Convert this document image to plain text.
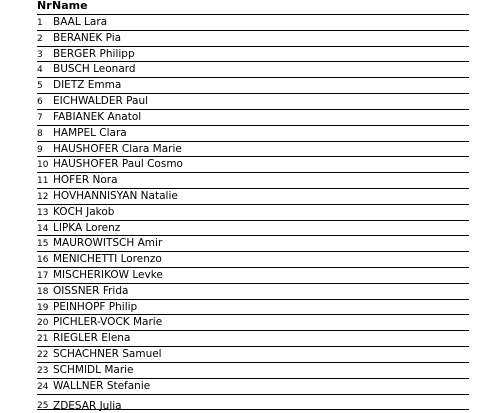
Nr Name
1 BAAL Lara
2 BERANEK Pia
3 BERGER Philipp
4 BUSCH Leonard
5 DIETZ Emma
6 EICHWALDER Paul
7 FABIANEK Anatol
8 HAMPEL Clara
9 HAUSHOFER Clara Marie
10 HAUSHOFER Paul Cosmo
11 HOFER Nora
12 HOVHANNISYAN Natalie
13 KOCH Jakob
14 LIPKA Lorenz
15 MAUROWITSCH Amir
16 MENICHETTI Lorenzo
17 MISCHERIKOW Levke
18 OISSNER Frida
19 PEINHOPF Philip
20 PICHLER-VOCK Marie
21 RIEGLER Elena
22 SCHACHNER Samuel
23 SCHMIDL Marie
24 WALLNER Stefanie
25 ZDESAR Julia
